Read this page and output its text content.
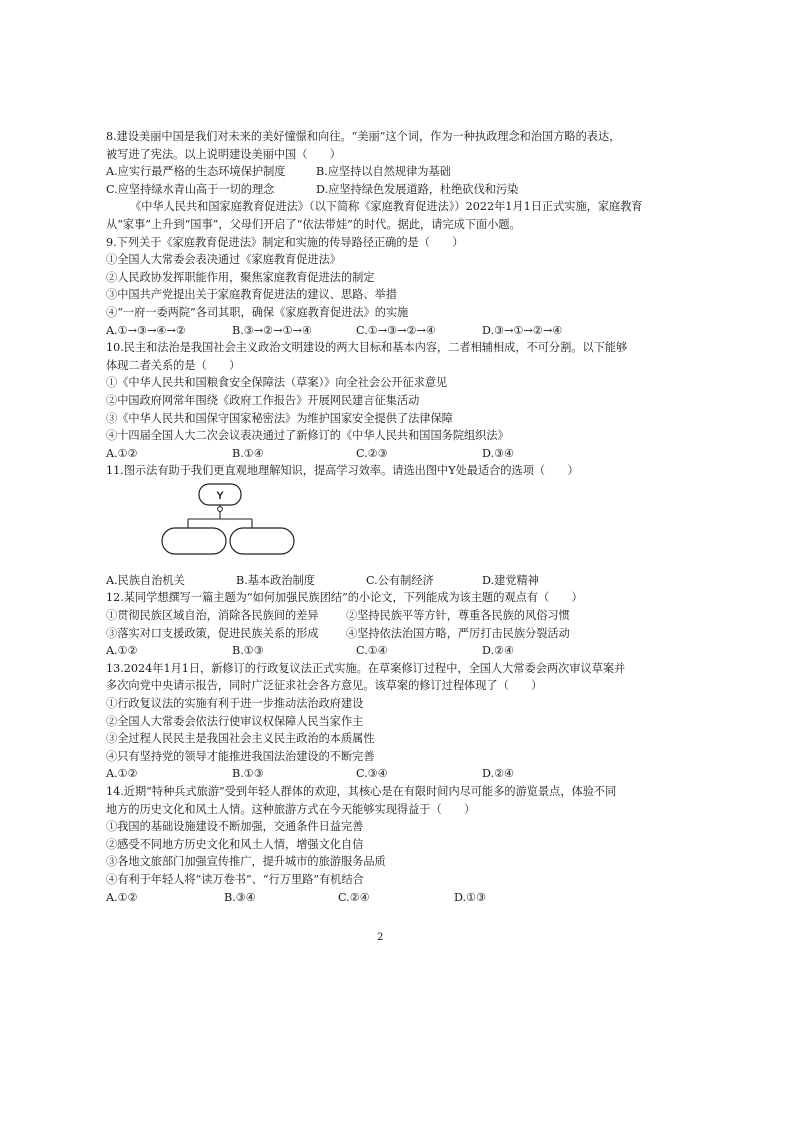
8.建设美丽中国是我们对未来的美好憧憬和向往。“美丽”这个词，作为一种执政理念和治国方略的表达，
被写进了宪法。以上说明建设美丽中国（　　）
A.应实行最严格的生态环境保护制度	B.应坚持以自然规律为基础
C.应坚持绿水青山高于一切的理念	D.应坚持绿色发展道路，杜绝砍伐和污染
《中华人民共和国家庭教育促进法》（以下简称《家庭教育促进法》）2022年1月1日正式实施，家庭教育从“家事”上升到“国事”，父母们开启了“依法带娃”的时代。据此，请完成下面小题。
9.下列关于《家庭教育促进法》制定和实施的传导路径正确的是（　　）
①全国人大常委会表决通过《家庭教育促进法》
②人民政协发挥职能作用，聚焦家庭教育促进法的制定
③中国共产党提出关于家庭教育促进法的建议、思路、举措
④“一府一委两院”各司其职，确保《家庭教育促进法》的实施
A.①→③→④→②	B.③→②→①→④	C.①→③→②→④	D.③→①→②→④
10.民主和法治是我国社会主义政治文明建设的两大目标和基本内容，二者相辅相成，不可分割。以下能够
体现二者关系的是（　　）
①《中华人民共和国粮食安全保障法（草案）》向全社会公开征求意见
②中国政府网常年围绕《政府工作报告》开展网民建言征集活动
③《中华人民共和国保守国家秘密法》为维护国家安全提供了法律保障
④十四届全国人大二次会议表决通过了新修订的《中华人民共和国国务院组织法》
A.①②	B.①④	C.②③	D.③④
11.图示法有助于我们更直观地理解知识，提高学习效率。请选出图中Y处最适合的选项（　　）
Y
A.民族自治机关	B.基本政治制度	C.公有制经济	D.建党精神
12.某同学想撰写一篇主题为“如何加强民族团结”的小论文，下列能成为该主题的观点有（　　）
①贯彻民族区域自治，消除各民族间的差异	②坚持民族平等方针，尊重各民族的风俗习惯
③落实对口支援政策，促进民族关系的形成	④坚持依法治国方略，严厉打击民族分裂活动
A.①②	B.①③	C.①④	D.②④
13.2024年1月1日，新修订的行政复议法正式实施。在草案修订过程中，全国人大常委会两次审议草案并
多次向党中央请示报告，同时广泛征求社会各方意见。该草案的修订过程体现了（　　）
①行政复议法的实施有利于进一步推动法治政府建设
②全国人大常委会依法行使审议权保障人民当家作主
③全过程人民民主是我国社会主义民主政治的本质属性
④只有坚持党的领导才能推进我国法治建设的不断完善
A.①②	B.①③	C.③④	D.②④
14.近期“特种兵式旅游”受到年轻人群体的欢迎，其核心是在有限时间内尽可能多的游览景点，体验不同
地方的历史文化和风土人情。这种旅游方式在今天能够实现得益于（　　）
①我国的基础设施建设不断加强，交通条件日益完善
②感受不同地方历史文化和风土人情，增强文化自信
③各地文旅部门加强宣传推广，提升城市的旅游服务品质
④有利于年轻人将“读万卷书”、“行万里路”有机结合
A.①②	B.③④	C.②④	D.①③
2
